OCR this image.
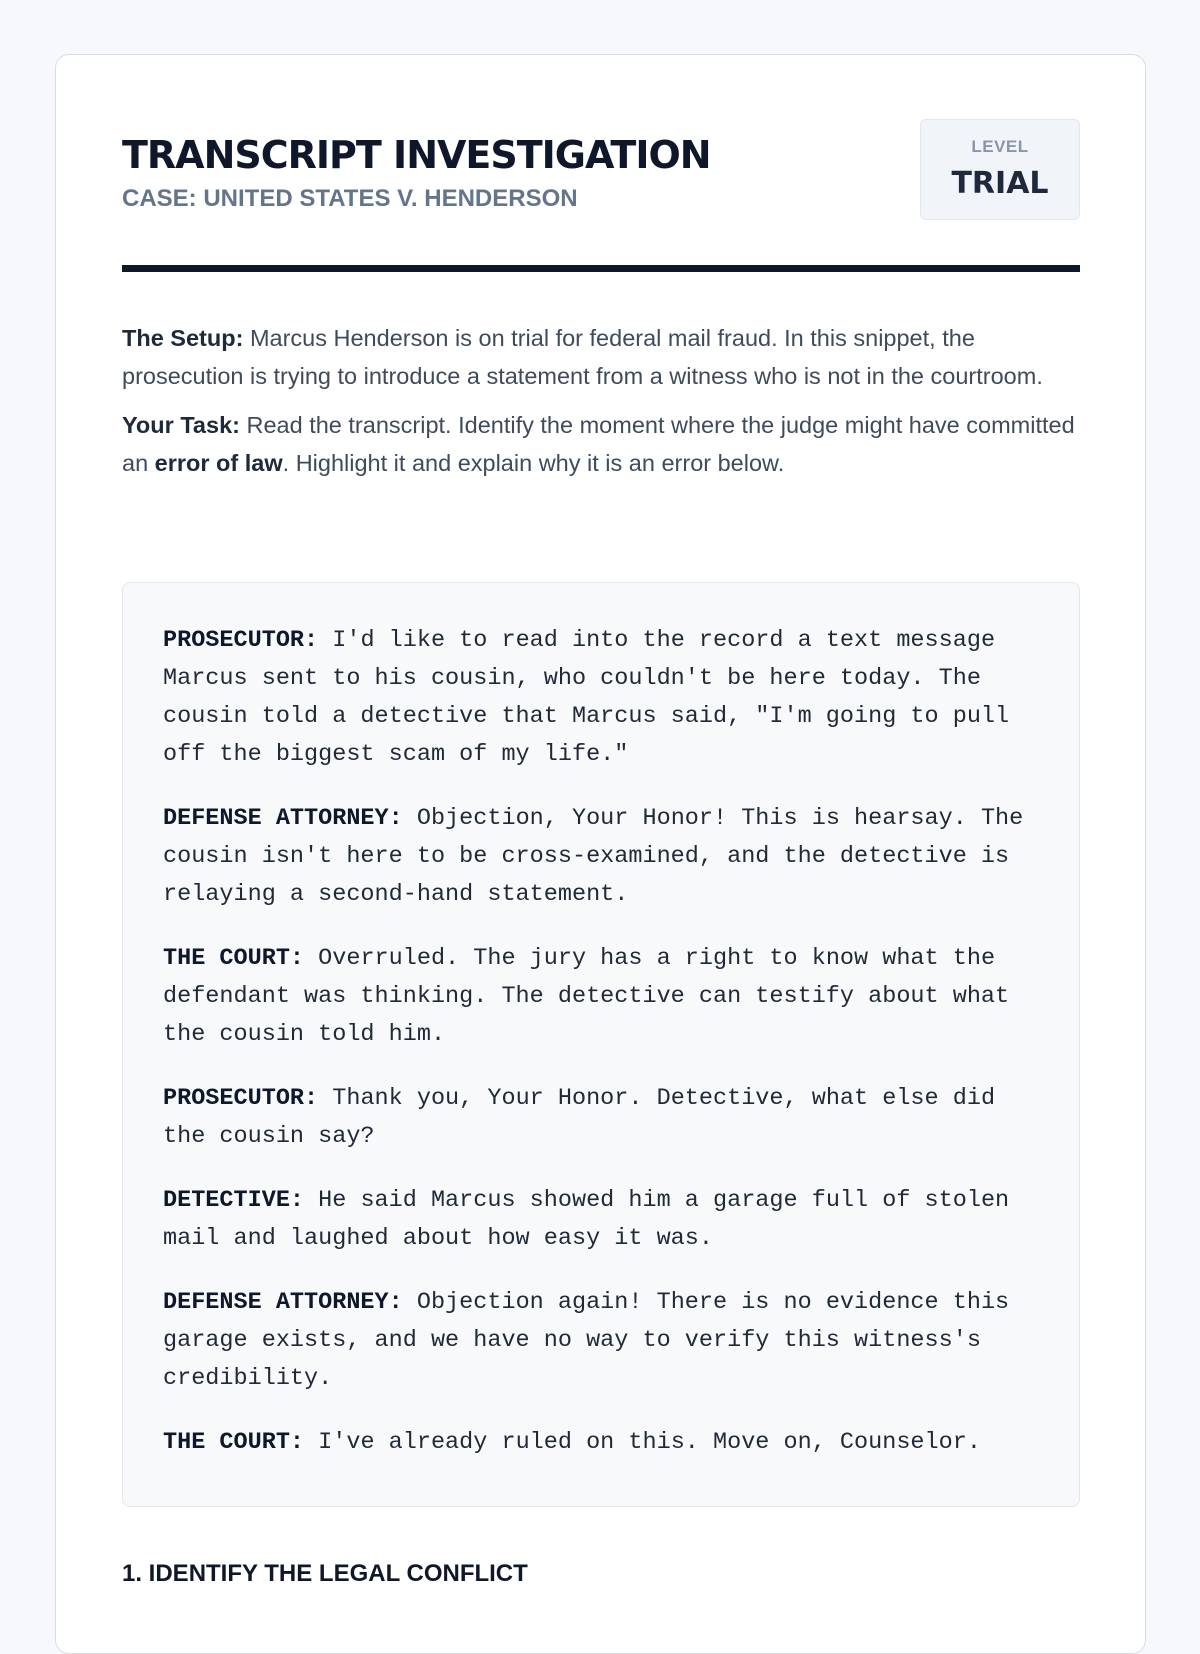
TRANSCRIPT INVESTIGATION
CASE: UNITED STATES V. HENDERSON
LEVEL
TRIAL

The Setup: Marcus Henderson is on trial for federal mail fraud. In this snippet, the prosecution is trying to introduce a statement from a witness who is not in the courtroom.

Your Task: Read the transcript. Identify the moment where the judge might have committed an error of law. Highlight it and explain why it is an error below.

PROSECUTOR: I'd like to read into the record a text message Marcus sent to his cousin, who couldn't be here today. The cousin told a detective that Marcus said, "I'm going to pull off the biggest scam of my life."
DEFENSE ATTORNEY: Objection, Your Honor! This is hearsay. The cousin isn't here to be cross-examined, and the detective is relaying a second-hand statement.
THE COURT: Overruled. The jury has a right to know what the defendant was thinking. The detective can testify about what the cousin told him.
PROSECUTOR: Thank you, Your Honor. Detective, what else did the cousin say?
DETECTIVE: He said Marcus showed him a garage full of stolen mail and laughed about how easy it was.
DEFENSE ATTORNEY: Objection again! There is no evidence this garage exists, and we have no way to verify this witness's credibility.
THE COURT: I've already ruled on this. Move on, Counselor.
1. IDENTIFY THE LEGAL CONFLICT
